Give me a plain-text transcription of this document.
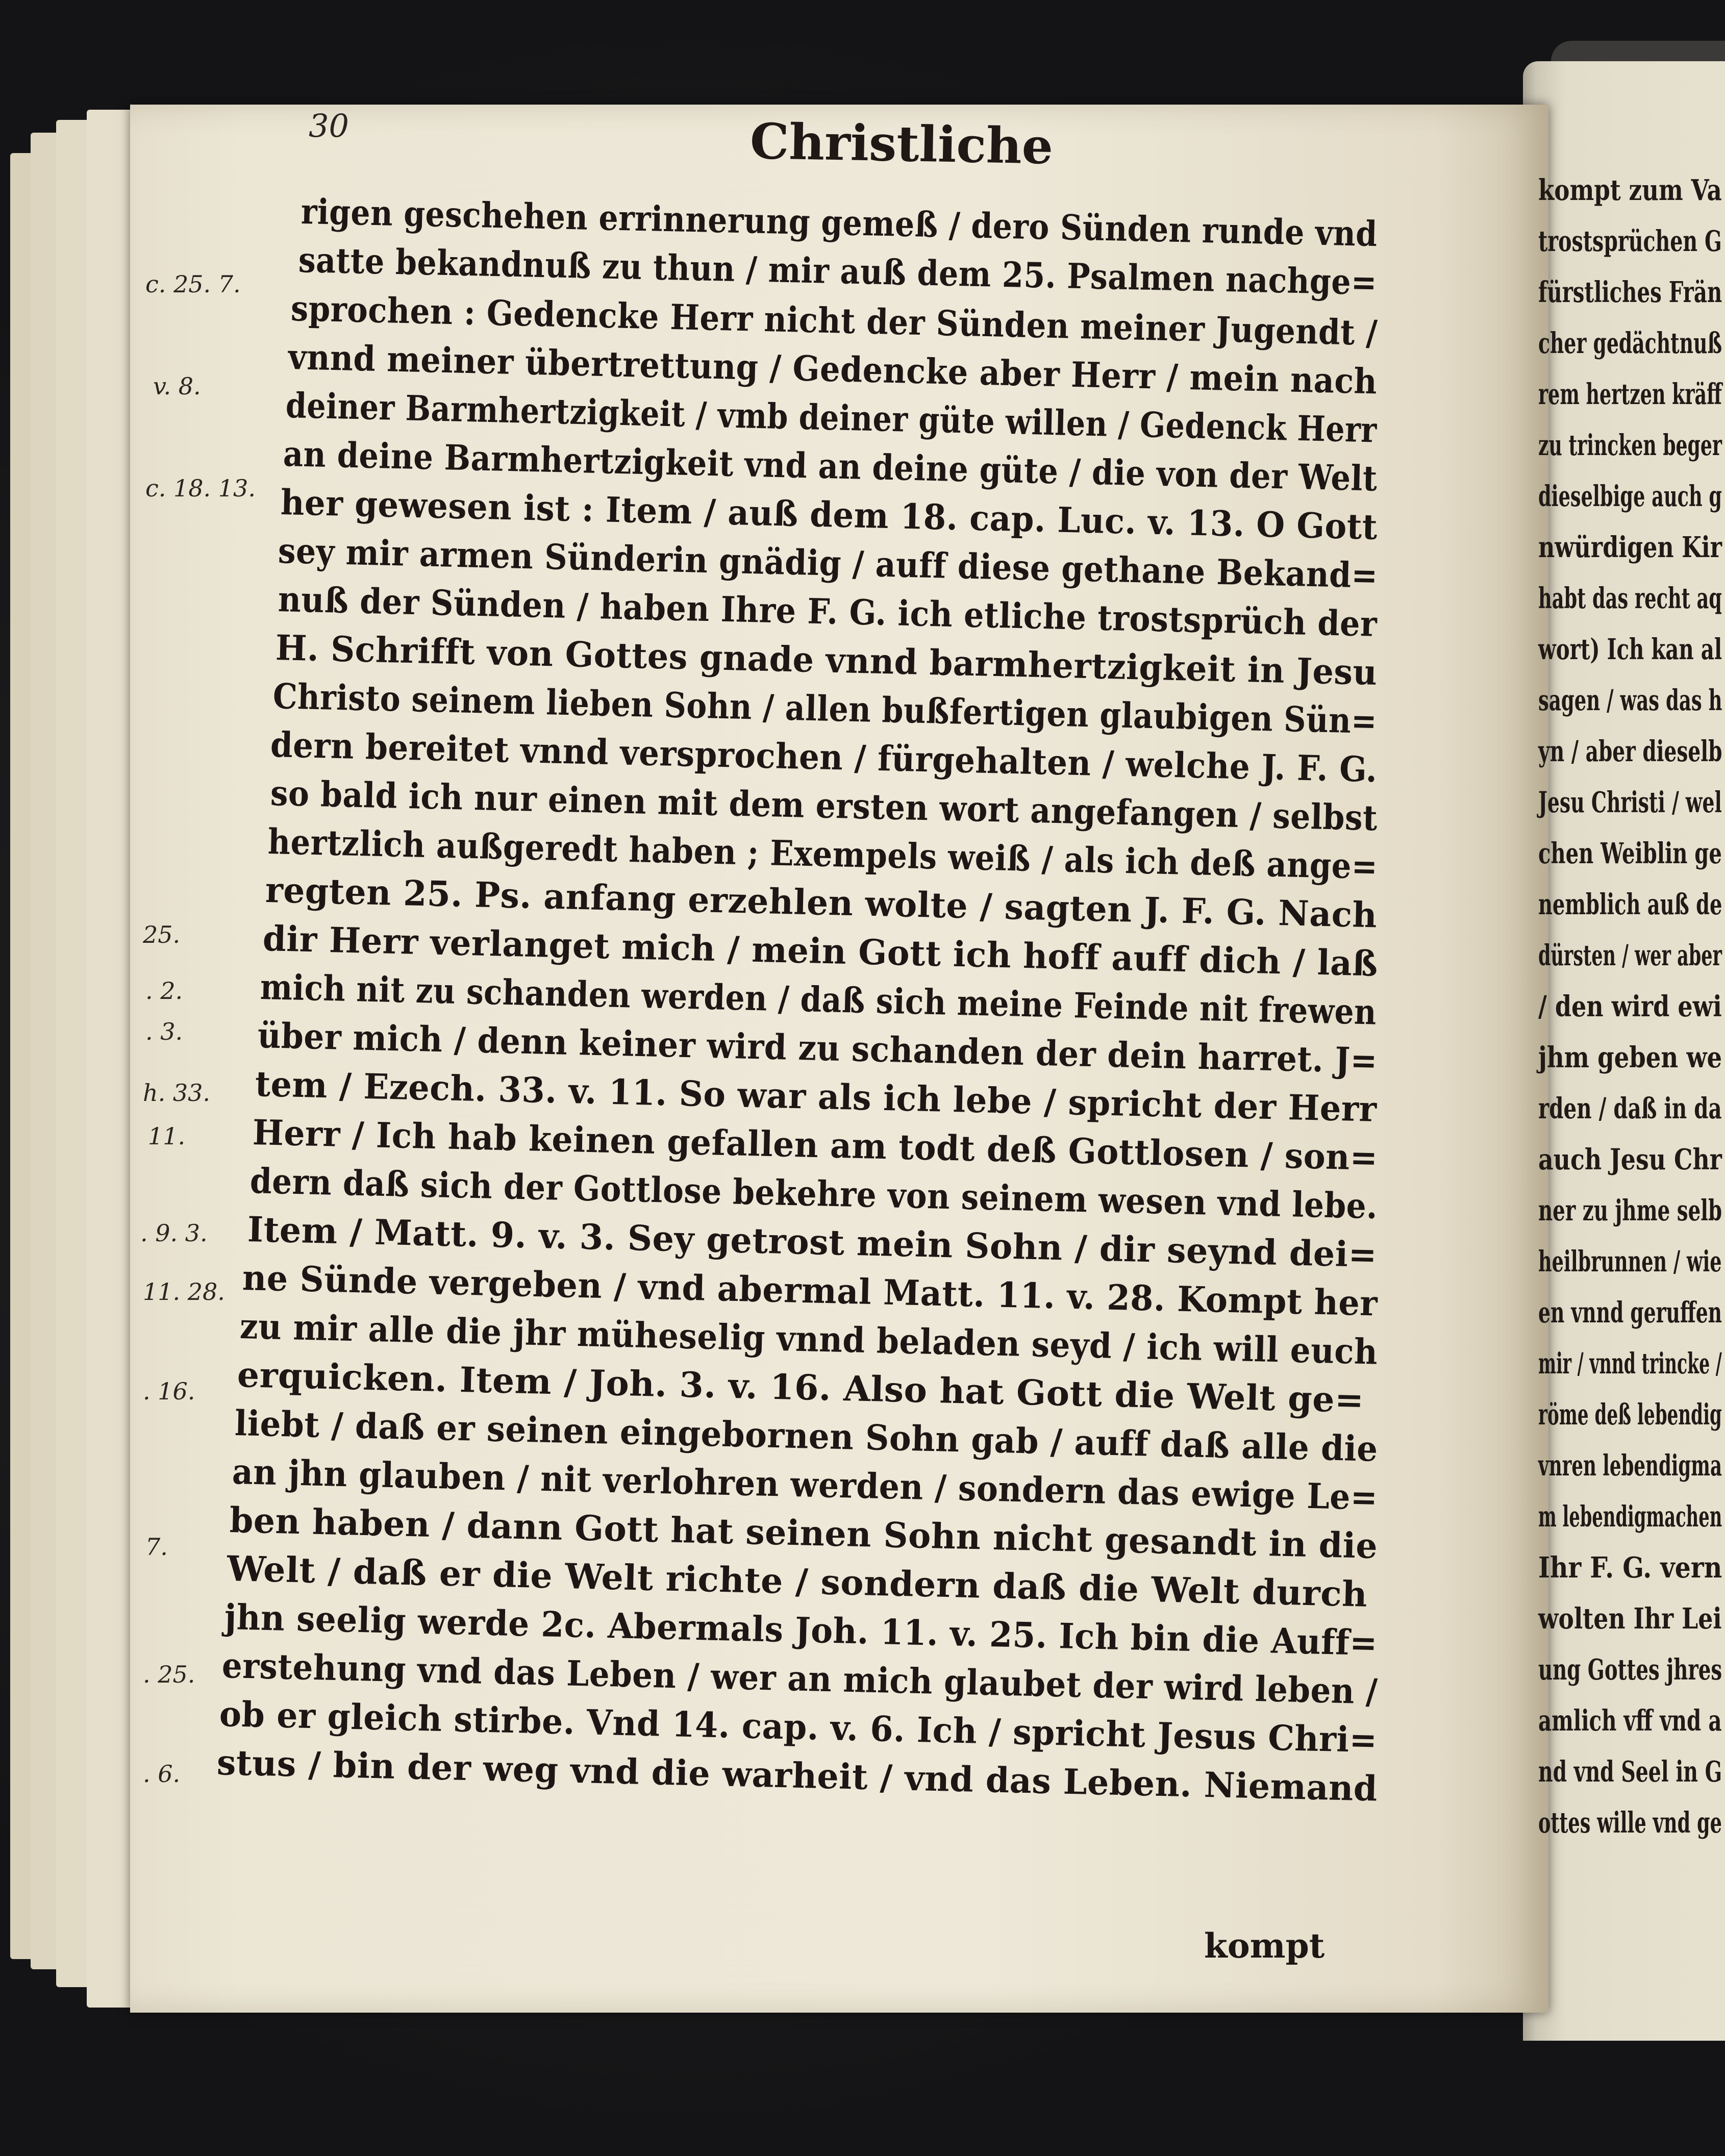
30	Christliche
c. 25. 7.
v. 8.
c. 18. 13.
25.
. 2.
. 3.
h. 33.
11.
. 9. 3.
11. 28.
. 16.
7.
. 25.
. 6.
rigen geschehen errinnerung gemeß / dero Sünden runde vnd
satte bekandnuß zu thun / mir auß dem 25. Psalmen nachge=
sprochen : Gedencke Herr nicht der Sünden meiner Jugendt /
vnnd meiner übertrettung / Gedencke aber Herr / mein nach
deiner Barmhertzigkeit / vmb deiner güte willen / Gedenck Herr
an deine Barmhertzigkeit vnd an deine güte / die von der Welt
her gewesen ist : Item / auß dem 18. cap. Luc. v. 13. O Gott
sey mir armen Sünderin gnädig / auff diese gethane Bekand=
nuß der Sünden / haben Ihre F. G. ich etliche trostsprüch der
H. Schrifft von Gottes gnade vnnd barmhertzigkeit in Jesu
Christo seinem lieben Sohn / allen bußfertigen glaubigen Sün=
dern bereitet vnnd versprochen / fürgehalten / welche J. F. G.
so bald ich nur einen mit dem ersten wort angefangen / selbst
hertzlich außgeredt haben ; Exempels weiß / als ich deß ange=
regten 25. Ps. anfang erzehlen wolte / sagten J. F. G. Nach
dir Herr verlanget mich / mein Gott ich hoff auff dich / laß
mich nit zu schanden werden / daß sich meine Feinde nit frewen
über mich / denn keiner wird zu schanden der dein harret. J=
tem / Ezech. 33. v. 11. So war als ich lebe / spricht der Herr
Herr / Ich hab keinen gefallen am todt deß Gottlosen / son=
dern daß sich der Gottlose bekehre von seinem wesen vnd lebe.
Item / Matt. 9. v. 3. Sey getrost mein Sohn / dir seynd dei=
ne Sünde vergeben / vnd abermal Matt. 11. v. 28. Kompt her
zu mir alle die jhr müheselig vnnd beladen seyd / ich will euch
erquicken. Item / Joh. 3. v. 16. Also hat Gott die Welt ge=
liebt / daß er seinen eingebornen Sohn gab / auff daß alle die
an jhn glauben / nit verlohren werden / sondern das ewige Le=
ben haben / dann Gott hat seinen Sohn nicht gesandt in die
Welt / daß er die Welt richte / sondern daß die Welt durch
jhn seelig werde 2c. Abermals Joh. 11. v. 25. Ich bin die Auff=
erstehung vnd das Leben / wer an mich glaubet der wird leben /
ob er gleich stirbe. Vnd 14. cap. v. 6. Ich / spricht Jesus Chri=
stus / bin der weg vnd die warheit / vnd das Leben. Niemand
kompt
kompt zum Va
trostsprüchen G
fürstliches Frän
cher gedächtnuß
rem hertzen kräff
zu trincken beger
dieselbige auch g
nwürdigen Kir
habt das recht aq
wort) Ich kan al
sagen / was das h
yn / aber dieselb
Jesu Christi / wel
chen Weiblin ge
nemblich auß de
dürsten / wer aber
/ den wird ewi
jhm geben we
rden / daß in da
auch Jesu Chr
ner zu jhme selb
heilbrunnen / wie
en vnnd geruffen
mir / vnnd trincke /
röme deß lebendig
vnren lebendigma
m lebendigmachen
Ihr F. G. vern
wolten Ihr Lei
ung Gottes jhres
amlich vff vnd a
nd vnd Seel in G
ottes wille vnd ge
